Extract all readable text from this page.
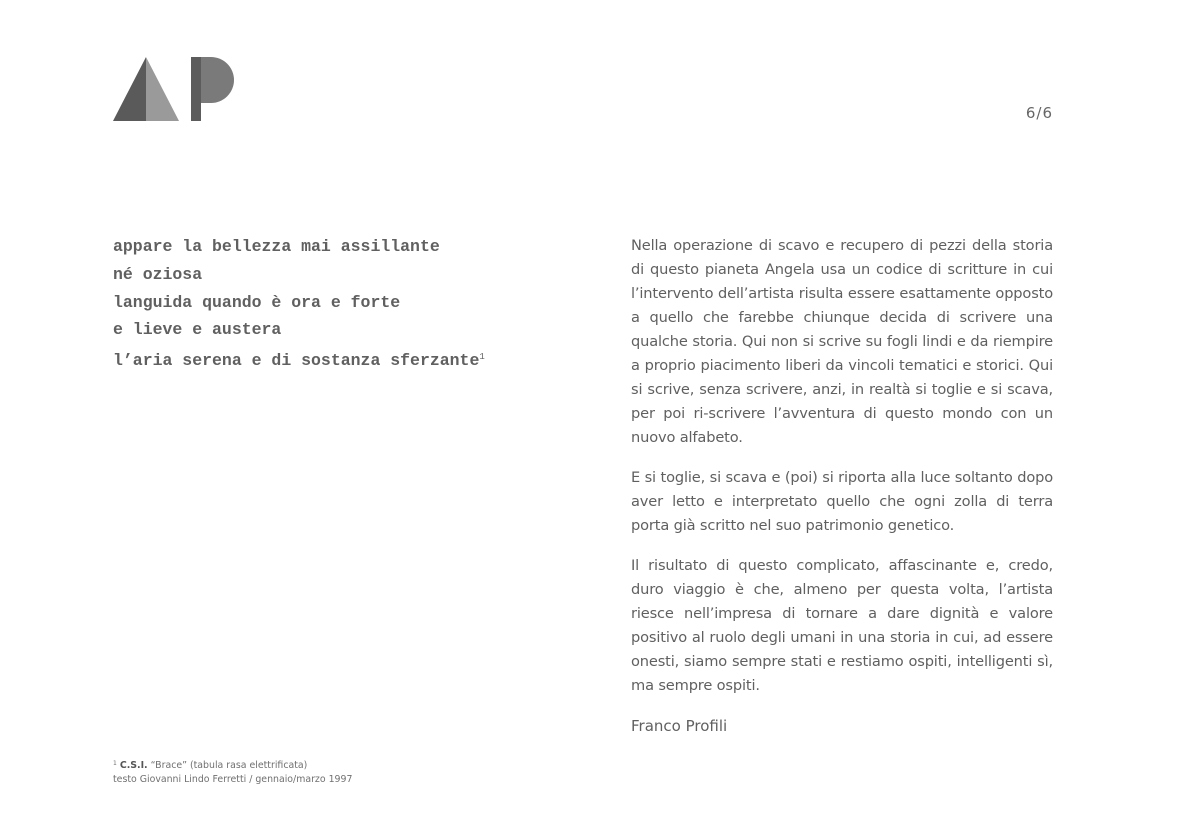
6/6
appare la bellezza mai assillante
né oziosa
languida quando è ora e forte
e lieve e austera
l’aria serena e di sostanza sferzante$^1$

Nella operazione di scavo e recupero di pezzi della storia di questo pianeta Angela usa un codice di scritture in cui l’intervento dell’artista risulta essere esattamente opposto a quello che farebbe chiunque decida di scrivere una qualche storia. Qui non si scrive su fogli lindi e da riempire a proprio piacimento liberi da vincoli tematici e storici. Qui si scrive, senza scrivere, anzi, in realtà si toglie e si scava, per poi ri-scrivere l’avventura di questo mondo con un nuovo alfabeto.

E si toglie, si scava e (poi) si riporta alla luce soltanto dopo aver letto e interpretato quello che ogni zolla di terra porta già scritto nel suo patrimonio genetico.

Il risultato di questo complicato, affascinante e, credo, duro viaggio è che, almeno per questa volta, l’artista riesce nell’impresa di tornare a dare dignità e valore positivo al ruolo degli umani in una storia in cui, ad essere onesti, siamo sempre stati e restiamo ospiti, intelligenti sì, ma sempre ospiti.

Franco Profili

$^1$ C.S.I. “Brace” (tabula rasa elettrificata)
testo Giovanni Lindo Ferretti / gennaio/marzo 1997
